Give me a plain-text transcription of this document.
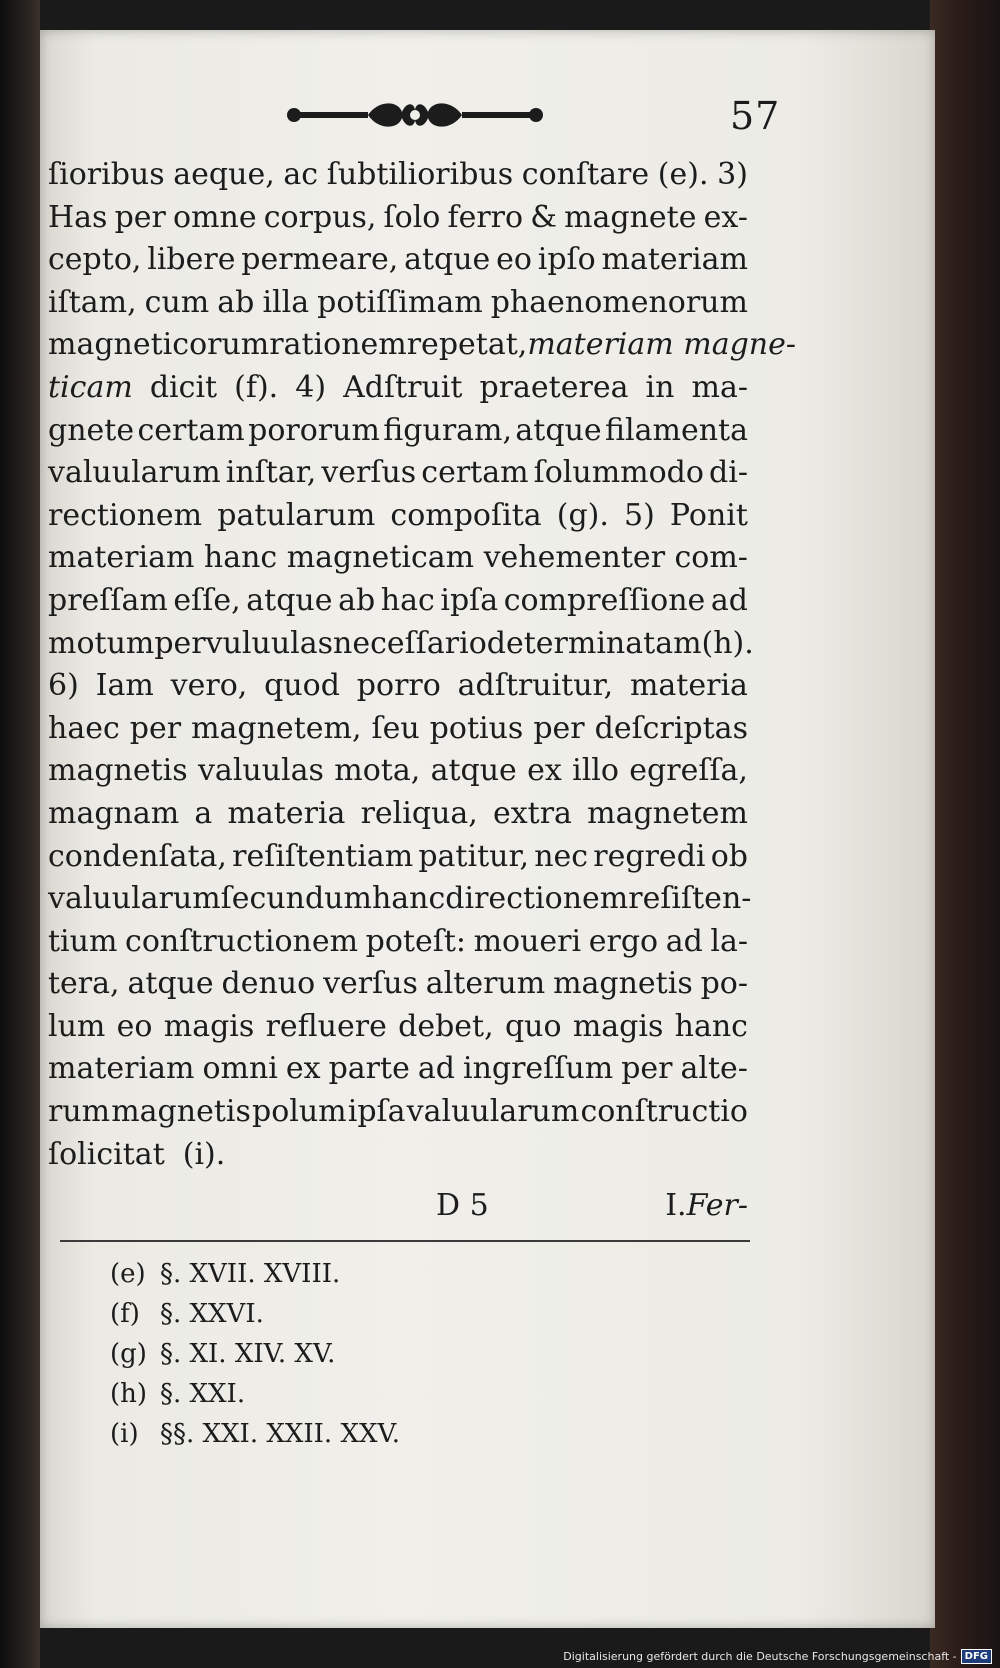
57
ſioribus aeque, ac ſubtilioribus conſtare (e). 3)
Has per omne corpus, ſolo ferro & magnete ex-
cepto, libere permeare, atque eo ipſo materiam
iſtam, cum ab illa potiſſimam phaenomenorum
magneticorum rationem repetat, materiam magne-
ticam dicit (f). 4) Adſtruit praeterea in ma-
gnete certam pororum figuram, atque filamenta
valuularum inſtar, verſus certam ſolummodo di-
rectionem patularum compoſita (g). 5) Ponit
materiam hanc magneticam vehementer com-
preſſam eſſe, atque ab hac ipſa compreſſione ad
motum per vuluulas neceſſario determinatam (h).
6) Iam vero, quod porro adſtruitur, materia
haec per magnetem, ſeu potius per deſcriptas
magnetis valuulas mota, atque ex illo egreſſa,
magnam a materia reliqua, extra magnetem
condenſata, reſiſtentiam patitur, nec regredi ob
valuularum ſecundum hanc directionem reſiſten-
tium conſtructionem poteſt: moueri ergo ad la-
tera, atque denuo verſus alterum magnetis po-
lum eo magis refluere debet, quo magis hanc
materiam omni ex parte ad ingreſſum per alte-
rum magnetis polum ipſa valuularum conſtructio
ſolicitat (i).
D 5	I.Fer-
(e) §. XVII. XVIII.
(f) §. XXVI.
(g) §. XI. XIV. XV.
(h) §. XXI.
(i) §§. XXI. XXII. XXV.
Digitalisierung gefördert durch die Deutsche Forschungsgemeinschaft - DFG
